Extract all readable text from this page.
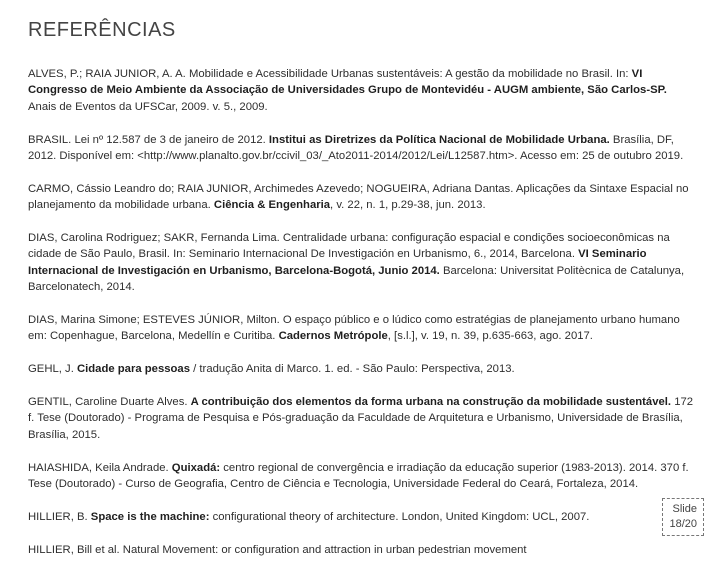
REFERÊNCIAS

ALVES, P.; RAIA JUNIOR, A. A. Mobilidade e Acessibilidade Urbanas sustentáveis: A gestão da mobilidade no Brasil. In: VI Congresso de Meio Ambiente da Associação de Universidades Grupo de Montevidéu - AUGM ambiente, São Carlos-SP. Anais de Eventos da UFSCar, 2009. v. 5., 2009.

BRASIL. Lei nº 12.587 de 3 de janeiro de 2012. Institui as Diretrizes da Política Nacional de Mobilidade Urbana. Brasília, DF, 2012. Disponível em: <http://www.planalto.gov.br/ccivil_03/_Ato2011-2014/2012/Lei/L12587.htm>. Acesso em: 25 de outubro 2019.

CARMO, Cássio Leandro do; RAIA JUNIOR, Archimedes Azevedo; NOGUEIRA, Adriana Dantas. Aplicações da Sintaxe Espacial no planejamento da mobilidade urbana. Ciência & Engenharia, v. 22, n. 1, p.29-38, jun. 2013.

DIAS, Carolina Rodriguez; SAKR, Fernanda Lima. Centralidade urbana: configuração espacial e condições socioeconômicas na cidade de São Paulo, Brasil. In: Seminario Internacional De Investigación en Urbanismo, 6., 2014, Barcelona. VI Seminario Internacional de Investigación en Urbanismo, Barcelona-Bogotá, Junio 2014. Barcelona: Universitat Politècnica de Catalunya, Barcelonatech, 2014.

DIAS, Marina Simone; ESTEVES JÚNIOR, Milton. O espaço público e o lúdico como estratégias de planejamento urbano humano em: Copenhague, Barcelona, Medellín e Curitiba. Cadernos Metrópole, [s.l.], v. 19, n. 39, p.635-663, ago. 2017.

GEHL, J. Cidade para pessoas / tradução Anita di Marco. 1. ed. - São Paulo: Perspectiva, 2013.

GENTIL, Caroline Duarte Alves. A contribuição dos elementos da forma urbana na construção da mobilidade sustentável. 172 f. Tese (Doutorado) - Programa de Pesquisa e Pós-graduação da Faculdade de Arquitetura e Urbanismo, Universidade de Brasília, Brasília, 2015.

HAIASHIDA, Keila Andrade. Quixadá: centro regional de convergência e irradiação da educação superior (1983-2013). 2014. 370 f. Tese (Doutorado) - Curso de Geografia, Centro de Ciência e Tecnologia, Universidade Federal do Ceará, Fortaleza, 2014.

HILLIER, B. Space is the machine: configurational theory of architecture. London, United Kingdom: UCL, 2007.

HILLIER, Bill et al. Natural Movement: or configuration and attraction in urban pedestrian movement

Slide
18/20
